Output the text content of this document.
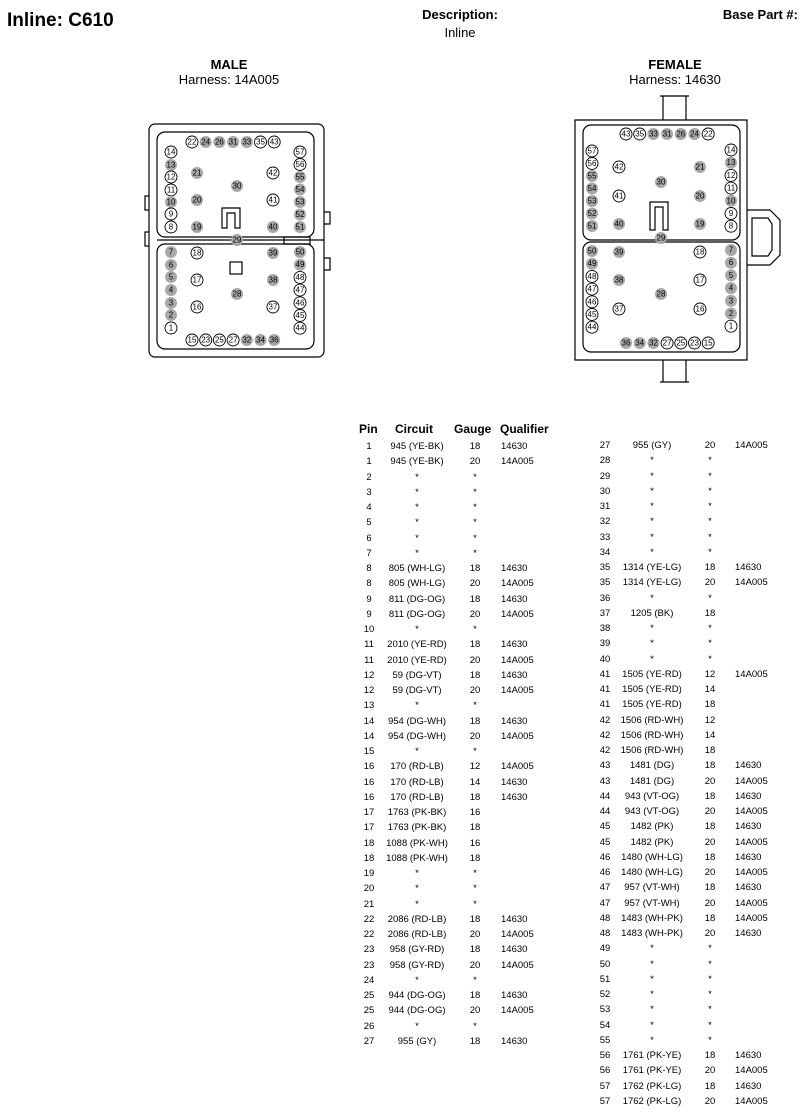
Inline: C610	Description:
Inline
Base Part #:
MALE
Harness: 14A005
FEMALE
Harness: 14630
14
13
12
11
10
9
8
7
6
5
4
3
2
1
22 24 26 31 33 35 43
15 23 25 27 32 34 36
57
56
55
54
53
52
51
50
49
48
47
46
45
44
21
20
19
18
17
16
30
29
28
42
41
40
39
38
37
43 35 33 31 26 24 22
36 34 32 27 25 23 15
57
56
55
54
53
52
51
50
49
48
47
46
45
44
14
13
12
11
10
9
8
7
6
5
4
3
2
1
42
41
40
39
38
37
30
29
28
21
20
19
18
17
16
Pin Circuit Gauge Qualifier
1	945 (YE-BK)	18	14630
1	945 (YE-BK)	20	14A005
2	*	*
3	*	*
4	*	*
5	*	*
6	*	*
7	*	*
8	805 (WH-LG)	18	14630
8	805 (WH-LG)	20	14A005
9	811 (DG-OG)	18	14630
9	811 (DG-OG)	20	14A005
10	*	*
11	2010 (YE-RD)	18	14630
11	2010 (YE-RD)	20	14A005
12	59 (DG-VT)	18	14630
12	59 (DG-VT)	20	14A005
13	*	*
14	954 (DG-WH)	18	14630
14	954 (DG-WH)	20	14A005
15	*	*
16	170 (RD-LB)	12	14A005
16	170 (RD-LB)	14	14630
16	170 (RD-LB)	18	14630
17	1763 (PK-BK)	16
17	1763 (PK-BK)	18
18	1088 (PK-WH)	16
18	1088 (PK-WH)	18
19	*	*
20	*	*
21	*	*
22	2086 (RD-LB)	18	14630
22	2086 (RD-LB)	20	14A005
23	958 (GY-RD)	18	14630
23	958 (GY-RD)	20	14A005
24	*	*
25	944 (DG-OG)	18	14630
25	944 (DG-OG)	20	14A005
26	*	*
27	955 (GY)	18	14630
27	955 (GY)	20	14A005
28	*	*
29	*	*
30	*	*
31	*	*
32	*	*
33	*	*
34	*	*
35	1314 (YE-LG)	18	14630
35	1314 (YE-LG)	20	14A005
36	*	*
37	1205 (BK)	18
38	*	*
39	*	*
40	*	*
41	1505 (YE-RD)	12	14A005
41	1505 (YE-RD)	14
41	1505 (YE-RD)	18
42	1506 (RD-WH)	12
42	1506 (RD-WH)	14
42	1506 (RD-WH)	18
43	1481 (DG)	18	14630
43	1481 (DG)	20	14A005
44	943 (VT-OG)	18	14630
44	943 (VT-OG)	20	14A005
45	1482 (PK)	18	14630
45	1482 (PK)	20	14A005
46	1480 (WH-LG)	18	14630
46	1480 (WH-LG)	20	14A005
47	957 (VT-WH)	18	14630
47	957 (VT-WH)	20	14A005
48	1483 (WH-PK)	18	14A005
48	1483 (WH-PK)	20	14630
49	*	*
50	*	*
51	*	*
52	*	*
53	*	*
54	*	*
55	*	*
56	1761 (PK-YE)	18	14630
56	1761 (PK-YE)	20	14A005
57	1762 (PK-LG)	18	14630
57	1762 (PK-LG)	20	14A005
